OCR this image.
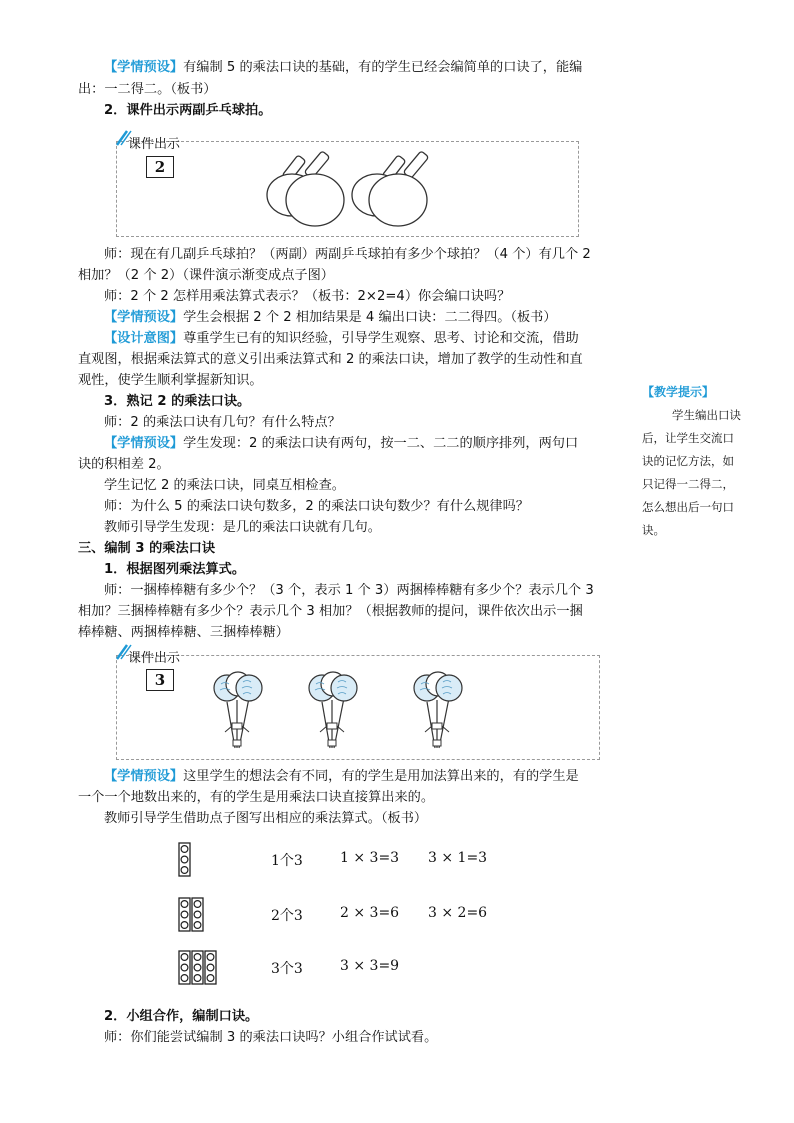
【学情预设】有编制 5 的乘法口诀的基础，有的学生已经会编简单的口诀了，能编
出：一二得二。（板书）
2．课件出示两副乒乓球拍。
课件出示
2
师：现在有几副乒乓球拍？（两副）两副乒乓球拍有多少个球拍？（4 个）有几个 2
相加？（2 个 2）（课件演示渐变成点子图）
师：2 个 2 怎样用乘法算式表示？（板书：2×2=4）你会编口诀吗？
【学情预设】学生会根据 2 个 2 相加结果是 4 编出口诀：二二得四。（板书）
【设计意图】尊重学生已有的知识经验，引导学生观察、思考、讨论和交流，借助
直观图，根据乘法算式的意义引出乘法算式和 2 的乘法口诀，增加了教学的生动性和直
观性，使学生顺利掌握新知识。
3．熟记 2 的乘法口诀。
师：2 的乘法口诀有几句？有什么特点？
【学情预设】学生发现：2 的乘法口诀有两句，按一二、二二的顺序排列，两句口
诀的积相差 2。
学生记忆 2 的乘法口诀，同桌互相检查。
师：为什么 5 的乘法口诀句数多，2 的乘法口诀句数少？有什么规律吗？
教师引导学生发现：是几的乘法口诀就有几句。
三、编制 3 的乘法口诀
1．根据图列乘法算式。
师：一捆棒棒糖有多少个？（3 个，表示 1 个 3）两捆棒棒糖有多少个？表示几个 3
相加？三捆棒棒糖有多少个？表示几个 3 相加？（根据教师的提问，课件依次出示一捆
棒棒糖、两捆棒棒糖、三捆棒棒糖）
课件出示
3
【学情预设】这里学生的想法会有不同，有的学生是用加法算出来的，有的学生是
一个一个地数出来的，有的学生是用乘法口诀直接算出来的。
教师引导学生借助点子图写出相应的乘法算式。（板书）
1个3	1 × 3=3 3 × 1=3
2个3	2 × 3=6 3 × 2=6
3个3	3 × 3=9
2．小组合作，编制口诀。
师：你们能尝试编制 3 的乘法口诀吗？小组合作试试看。
【教学提示】
学生编出口诀
后，让学生交流口
诀的记忆方法，如
只记得一二得二，
怎么想出后一句口
诀。
